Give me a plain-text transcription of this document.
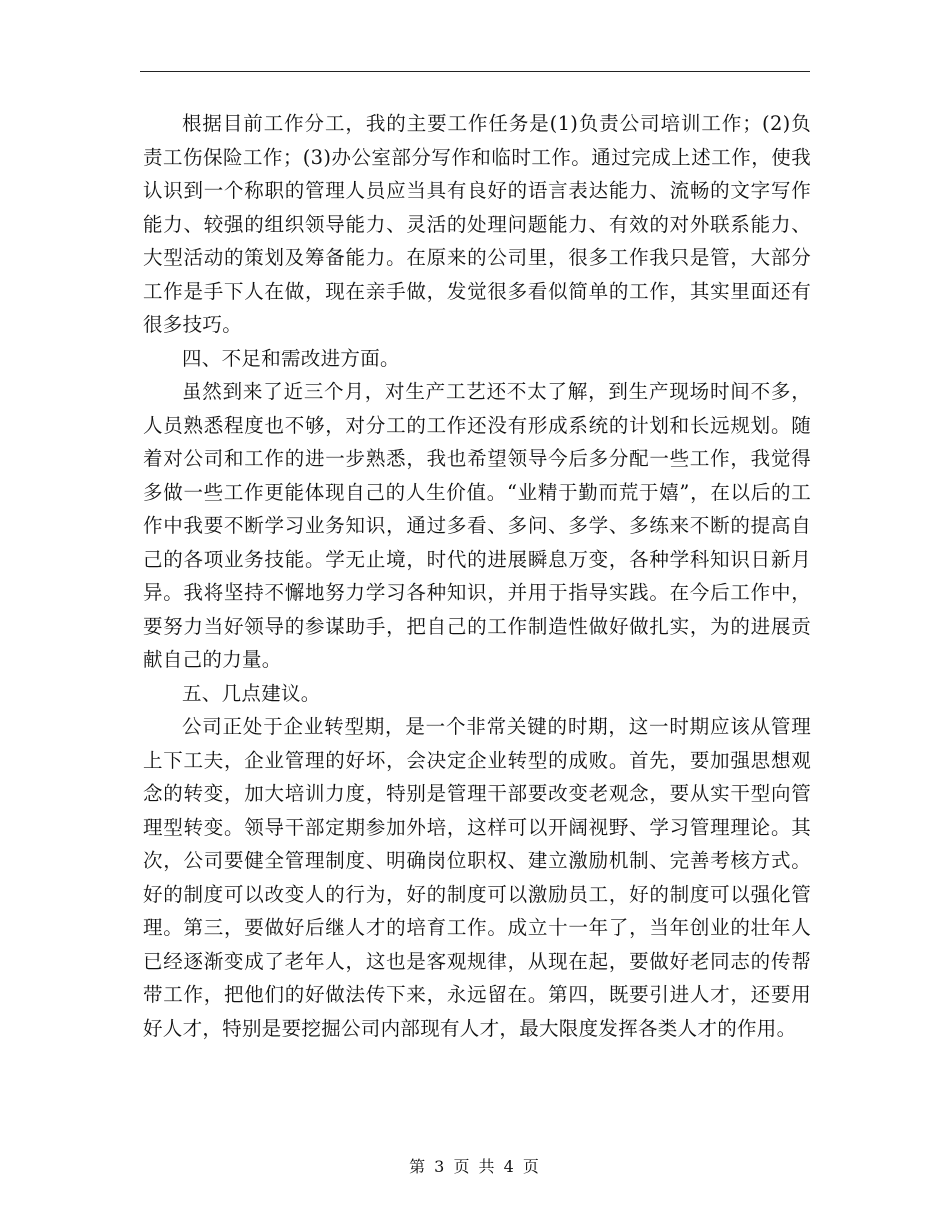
根据目前工作分工，我的主要工作任务是(1)负责公司培训工作；(2)负责工伤保险工作；(3)办公室部分写作和临时工作。通过完成上述工作，使我认识到一个称职的管理人员应当具有良好的语言表达能力、流畅的文字写作能力、较强的组织领导能力、灵活的处理问题能力、有效的对外联系能力、大型活动的策划及筹备能力。在原来的公司里，很多工作我只是管，大部分工作是手下人在做，现在亲手做，发觉很多看似简单的工作，其实里面还有很多技巧。

四、不足和需改进方面。

虽然到来了近三个月，对生产工艺还不太了解，到生产现场时间不多，人员熟悉程度也不够，对分工的工作还没有形成系统的计划和长远规划。随着对公司和工作的进一步熟悉，我也希望领导今后多分配一些工作，我觉得多做一些工作更能体现自己的人生价值。“业精于勤而荒于嬉”，在以后的工作中我要不断学习业务知识，通过多看、多问、多学、多练来不断的提高自己的各项业务技能。学无止境，时代的进展瞬息万变，各种学科知识日新月异。我将坚持不懈地努力学习各种知识，并用于指导实践。在今后工作中，要努力当好领导的参谋助手，把自己的工作制造性做好做扎实，为的进展贡献自己的力量。

五、几点建议。

公司正处于企业转型期，是一个非常关键的时期，这一时期应该从管理上下工夫，企业管理的好坏，会决定企业转型的成败。首先，要加强思想观念的转变，加大培训力度，特别是管理干部要改变老观念，要从实干型向管理型转变。领导干部定期参加外培，这样可以开阔视野、学习管理理论。其次，公司要健全管理制度、明确岗位职权、建立激励机制、完善考核方式。好的制度可以改变人的行为，好的制度可以激励员工，好的制度可以强化管理。第三，要做好后继人才的培育工作。成立十一年了，当年创业的壮年人已经逐渐变成了老年人，这也是客观规律，从现在起，要做好老同志的传帮带工作，把他们的好做法传下来，永远留在。第四，既要引进人才，还要用好人才，特别是要挖掘公司内部现有人才，最大限度发挥各类人才的作用。

第 3 页 共 4 页
